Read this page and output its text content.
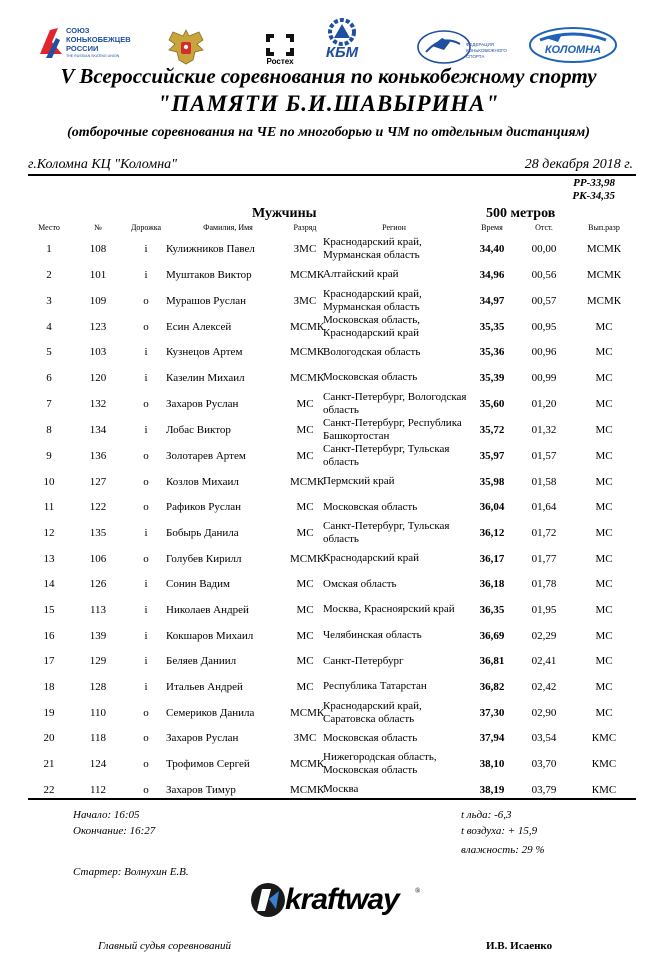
СОЮЗ КОНЬКОБЕЖЦЕВ РОССИИ
THE RUSSIAN SKATING UNION
Ростех
КБМ	ФЕДЕРАЦИЯ КОНЬКОБЕЖНОГО СПОРТА
КОЛОМНА
V Всероссийские соревнования по конькобежному спорту
"ПАМЯТИ Б.И.ШАВЫРИНА"
(отборочные соревнования на ЧЕ по многоборью и ЧМ по отдельным дистанциям)
г.Коломна КЦ "Коломна"	28 декабря 2018 г.
РР-33,98
РК-34,35
Мужчины	500 метров
Место	№	Дорожка	Фамилия, Имя	Разряд	Регион	Время	Отст.	Вып.разр
1	108	i	Кулижников Павел	ЗМС	Краснодарский край, Мурманская область	34,40	00,00	МСМК
2	101	i	Муштаков Виктор	МСМК	Алтайский край	34,96	00,56	МСМК
3	109	o	Мурашов Руслан	ЗМС	Краснодарский край, Мурманская область	34,97	00,57	МСМК
4	123	o	Есин Алексей	МСМК	Московская область, Краснодарский край	35,35	00,95	МС
5	103	i	Кузнецов Артем	МСМК	Вологодская область	35,36	00,96	МС
6	120	i	Казелин Михаил	МСМК	Московская область	35,39	00,99	МС
7	132	o	Захаров Руслан	МС	Санкт-Петербург, Вологодская область	35,60	01,20	МС
8	134	i	Лобас Виктор	МС	Санкт-Петербург, Республика Башкортостан	35,72	01,32	МС
9	136	o	Золотарев Артем	МС	Санкт-Петербург, Тульская область	35,97	01,57	МС
10	127	o	Козлов Михаил	МСМК	Пермский край	35,98	01,58	МС
11	122	o	Рафиков Руслан	МС	Московская область	36,04	01,64	МС
12	135	i	Бобырь Данила	МС	Санкт-Петербург, Тульская область	36,12	01,72	МС
13	106	o	Голубев Кирилл	МСМК	Краснодарский край	36,17	01,77	МС
14	126	i	Сонин Вадим	МС	Омская область	36,18	01,78	МС
15	113	i	Николаев Андрей	МС	Москва, Красноярский край	36,35	01,95	МС
16	139	i	Кокшаров Михаил	МС	Челябинская область	36,69	02,29	МС
17	129	i	Беляев Даниил	МС	Санкт-Петербург	36,81	02,41	МС
18	128	i	Итальев Андрей	МС	Республика Татарстан	36,82	02,42	МС
19	110	o	Семериков Данила	МСМК	Краснодарский край, Саратовска область	37,30	02,90	МС
20	118	o	Захаров Руслан	ЗМС	Московская область	37,94	03,54	КМС
21	124	o	Трофимов Сергей	МСМК	Нижегородская область, Московская область	38,10	03,70	КМС
22	112	o	Захаров Тимур	МСМК	Москва	38,19	03,79	КМС
Начало: 16:05
Окончание: 16:27
t льда: -6,3
t воздуха: + 15,9
влажность: 29 %
Стартер: Волнухин Е.В.
kraftway ®
Главный судья соревнований	И.В. Исаенко
